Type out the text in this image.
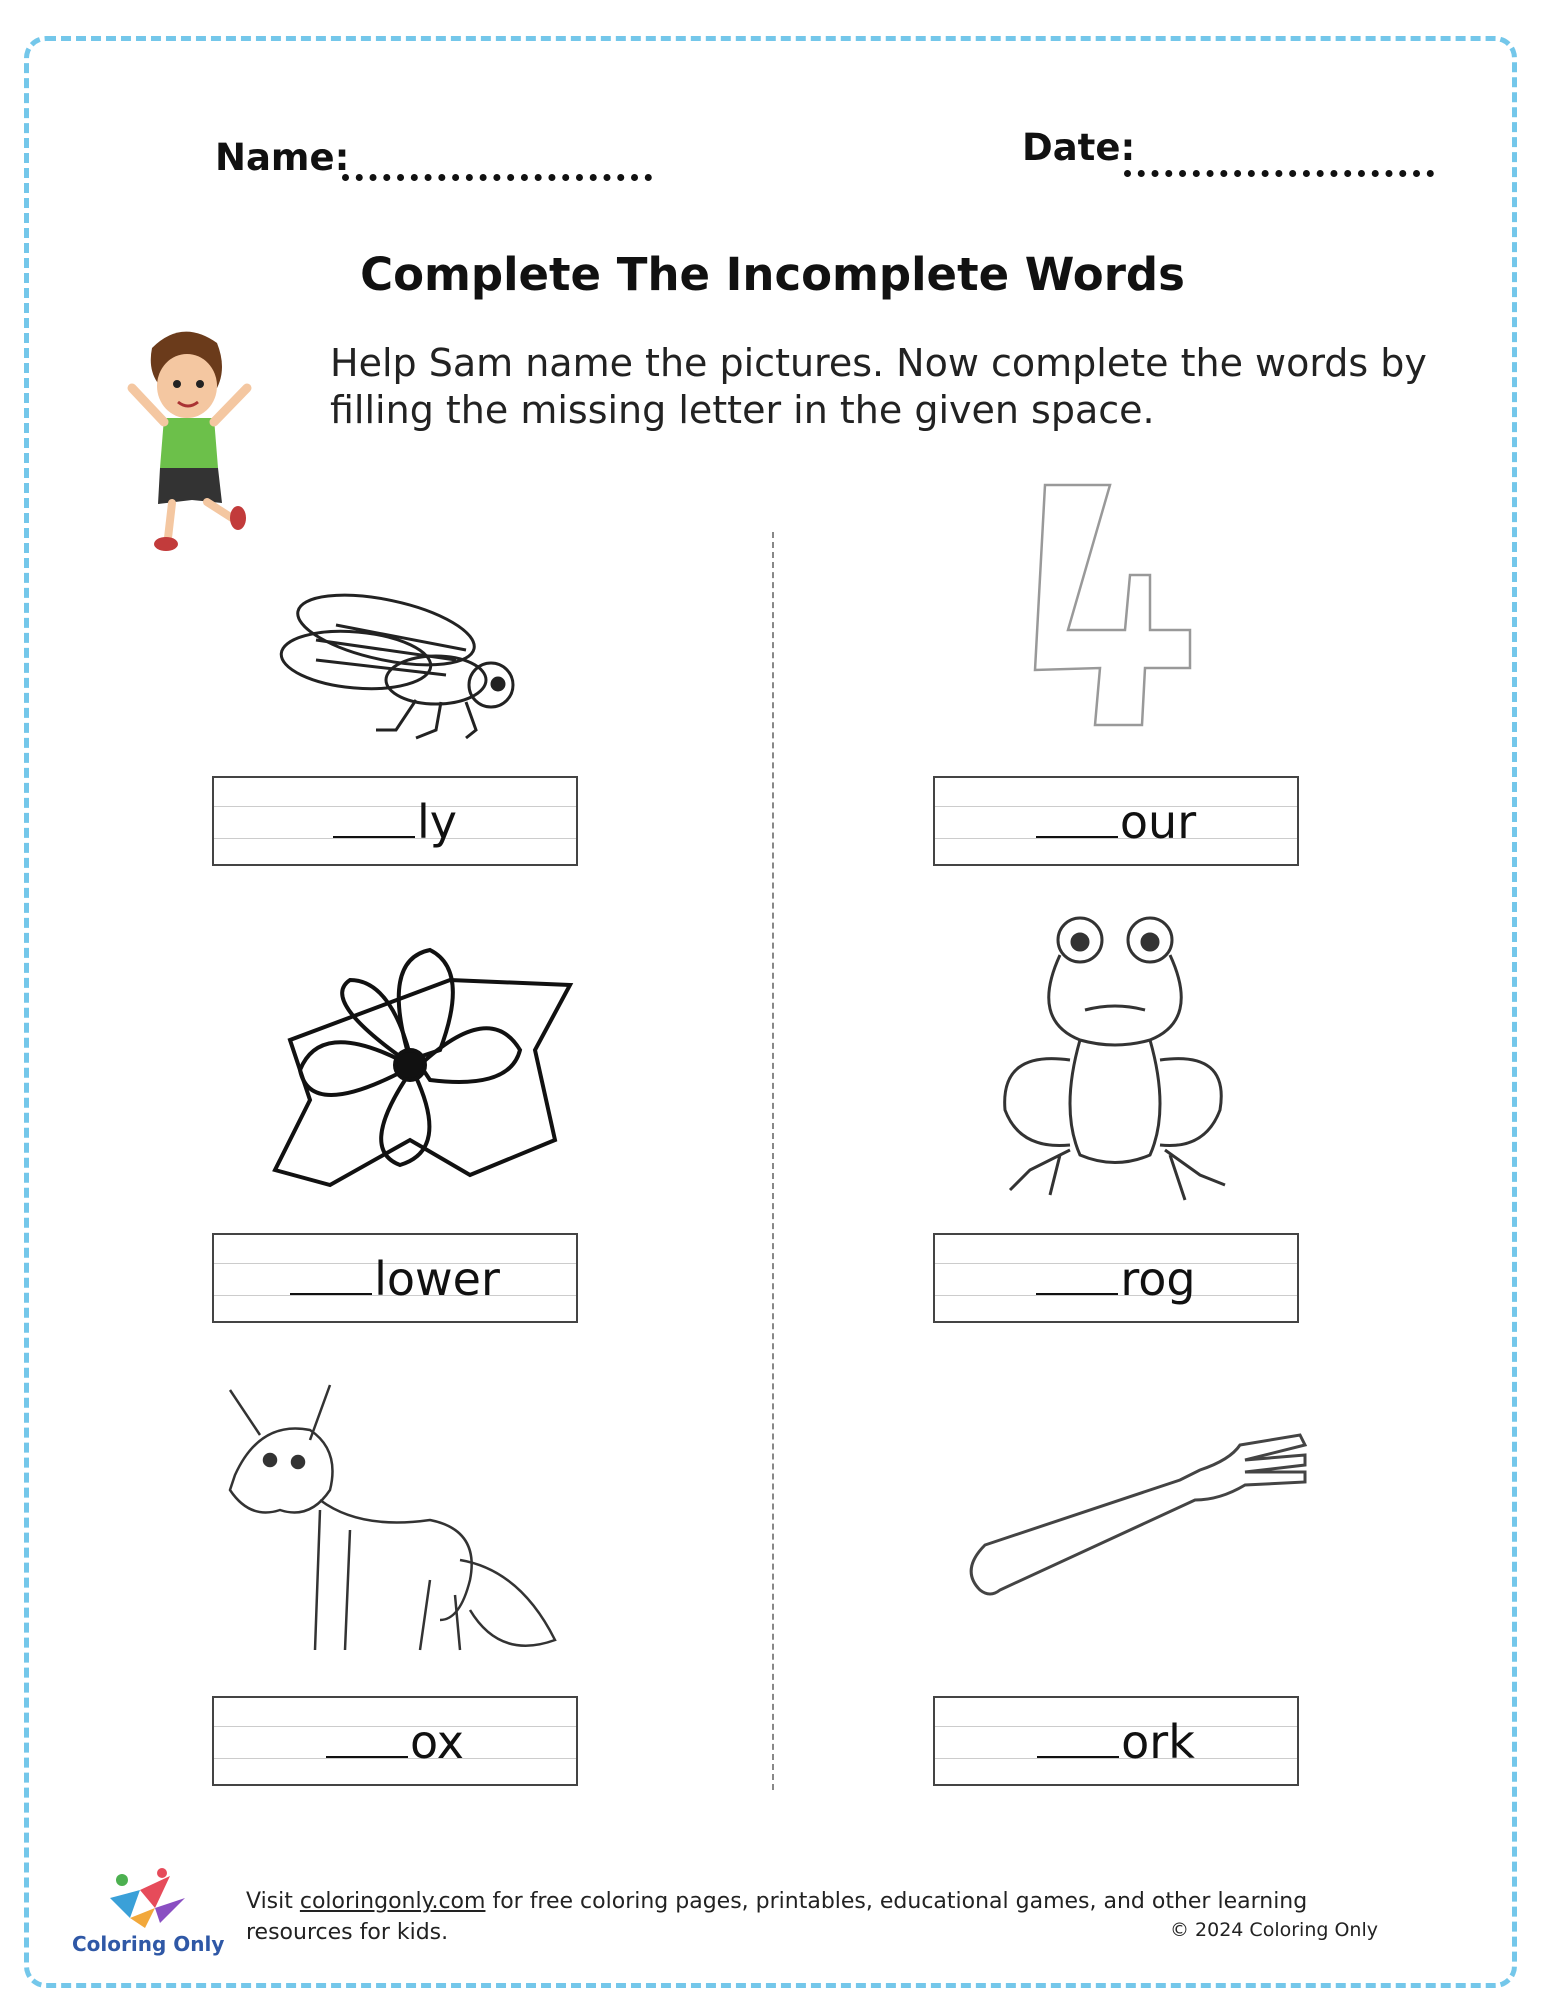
Name:	Date:
Complete The Incomplete Words
Help Sam name the pictures. Now complete the words by filling the missing letter in the given space.
ly	our
lower	rog
ox	ork
Coloring Only
Visit coloringonly.com for free coloring pages, printables, educational games, and other learning resources for kids.	© 2024 Coloring Only
